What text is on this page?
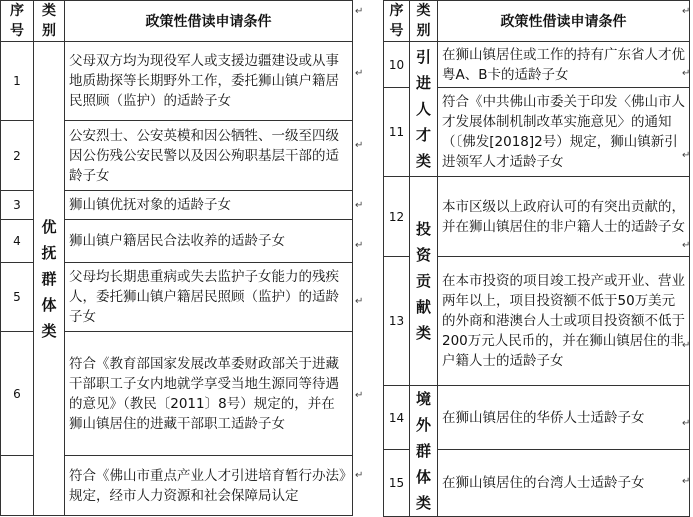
序号	类别	政策性借读申请条件
1	优抚群体类	父母双方均为现役军人或支援边疆建设或从事地质勘探等长期野外工作，委托狮山镇户籍居民照顾（监护）的适龄子女
2		公安烈士、公安英模和因公牺牲、一级至四级因公伤残公安民警以及因公殉职基层干部的适龄子女
3		狮山镇优抚对象的适龄子女
4		狮山镇户籍居民合法收养的适龄子女
5		父母均长期患重病或失去监护子女能力的残疾人，委托狮山镇户籍居民照顾（监护）的适龄子女
6		符合《教育部国家发展改革委财政部关于进藏干部职工子女内地就学享受当地生源同等待遇的意见》（教民〔2011〕8号）规定的，并在狮山镇居住的进藏干部职工适龄子女
		符合《佛山市重点产业人才引进培育暂行办法》规定，经市人力资源和社会保障局认定
序号	类别	政策性借读申请条件
10	引进人才类	在狮山镇居住或工作的持有广东省人才优粤A、B卡的适龄子女
11		符合《中共佛山市委关于印发〈佛山市人才发展体制机制改革实施意见〉的通知（〔佛发[2018]2号）规定，狮山镇新引进领军人才适龄子女
12	投资贡献类	本市区级以上政府认可的有突出贡献的，并在狮山镇居住的非户籍人士的适龄子女
13		在本市投资的项目竣工投产或开业、营业两年以上，项目投资额不低于50万美元的外商和港澳台人士或项目投资额不低于200万元人民币的，并在狮山镇居住的非户籍人士的适龄子女
14	境外群体类	在狮山镇居住的华侨人士适龄子女
15		在狮山镇居住的台湾人士适龄子女
↵
↵
↵
↵
↵
↵
↵
↵
↵
↵
↵
↵
↵
↵
↵
